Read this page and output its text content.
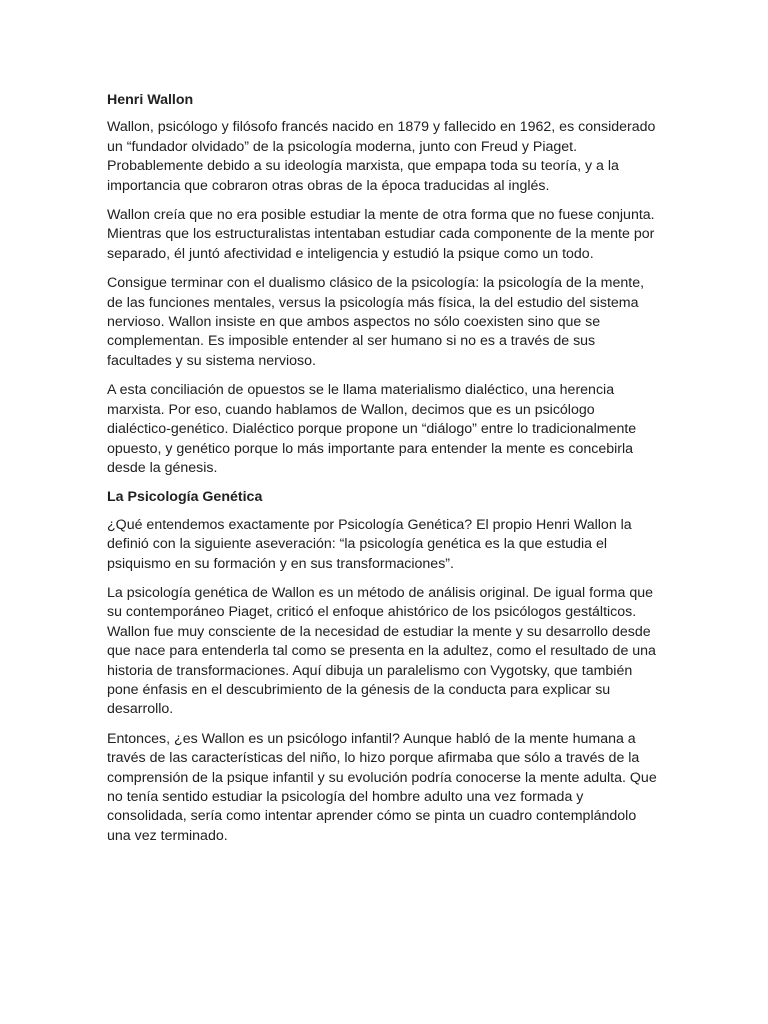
Henri Wallon

Wallon, psicólogo y filósofo francés nacido en 1879 y fallecido en 1962, es considerado un “fundador olvidado” de la psicología moderna, junto con Freud y Piaget. Probablemente debido a su ideología marxista, que empapa toda su teoría, y a la importancia que cobraron otras obras de la época traducidas al inglés.

Wallon creía que no era posible estudiar la mente de otra forma que no fuese conjunta. Mientras que los estructuralistas intentaban estudiar cada componente de la mente por separado, él juntó afectividad e inteligencia y estudió la psique como un todo.

Consigue terminar con el dualismo clásico de la psicología: la psicología de la mente, de las funciones mentales, versus la psicología más física, la del estudio del sistema nervioso. Wallon insiste en que ambos aspectos no sólo coexisten sino que se complementan. Es imposible entender al ser humano si no es a través de sus facultades y su sistema nervioso.

A esta conciliación de opuestos se le llama materialismo dialéctico, una herencia marxista. Por eso, cuando hablamos de Wallon, decimos que es un psicólogo dialéctico-genético. Dialéctico porque propone un “diálogo” entre lo tradicionalmente opuesto, y genético porque lo más importante para entender la mente es concebirla desde la génesis.

La Psicología Genética

¿Qué entendemos exactamente por Psicología Genética? El propio Henri Wallon la definió con la siguiente aseveración: “la psicología genética es la que estudia el psiquismo en su formación y en sus transformaciones”.

La psicología genética de Wallon es un método de análisis original. De igual forma que su contemporáneo Piaget, criticó el enfoque ahistórico de los psicólogos gestálticos. Wallon fue muy consciente de la necesidad de estudiar la mente y su desarrollo desde que nace para entenderla tal como se presenta en la adultez, como el resultado de una historia de transformaciones. Aquí dibuja un paralelismo con Vygotsky, que también pone énfasis en el descubrimiento de la génesis de la conducta para explicar su desarrollo.

Entonces, ¿es Wallon es un psicólogo infantil? Aunque habló de la mente humana a través de las características del niño, lo hizo porque afirmaba que sólo a través de la comprensión de la psique infantil y su evolución podría conocerse la mente adulta. Que no tenía sentido estudiar la psicología del hombre adulto una vez formada y consolidada, sería como intentar aprender cómo se pinta un cuadro contemplándolo una vez terminado.
